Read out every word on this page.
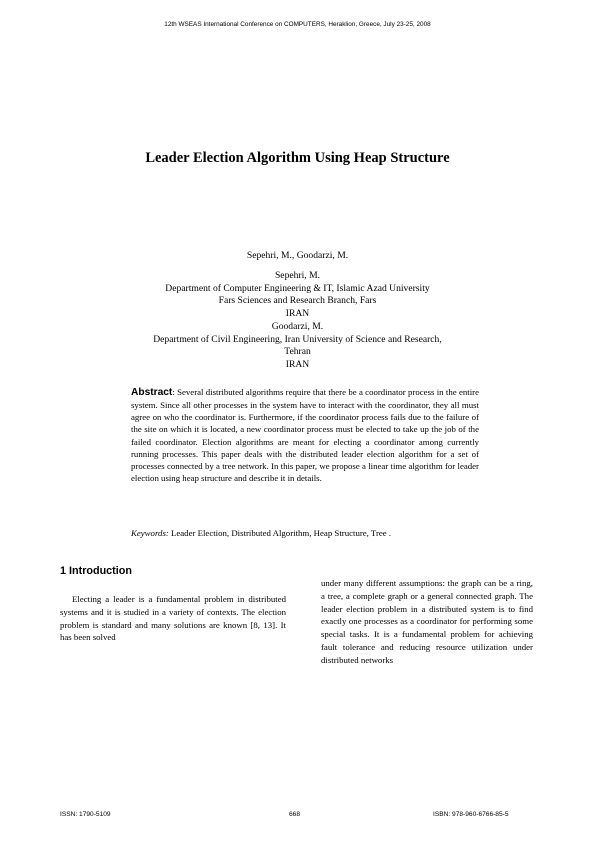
12th WSEAS International Conference on COMPUTERS, Heraklion, Greece, July 23-25, 2008
Leader Election Algorithm Using Heap Structure
Sepehri, M., Goodarzi, M.
Sepehri, M.
Department of Computer Engineering & IT, Islamic Azad University
Fars Sciences and Research Branch, Fars
IRAN
Goodarzi, M.
Department of Civil Engineering, Iran University of Science and Research,
Tehran
IRAN
Abstract: Several distributed algorithms require that there be a coordinator process in the entire system. Since all other processes in the system have to interact with the coordinator, they all must agree on who the coordinator is. Furthermore, if the coordinator process fails due to the failure of the site on which it is located, a new coordinator process must be elected to take up the job of the failed coordinator. Election algorithms are meant for electing a coordinator among currently running processes. This paper deals with the distributed leader election algorithm for a set of processes connected by a tree network. In this paper, we propose a linear time algorithm for leader election using heap structure and describe it in details.
Keywords: Leader Election, Distributed Algorithm, Heap Structure, Tree .
1 Introduction
Electing a leader is a fundamental problem in distributed systems and it is studied in a variety of contexts. The election problem is standard and many solutions are known [8, 13]. It has been solved
under many different assumptions: the graph can be a ring, a tree, a complete graph or a general connected graph. The leader election problem in a distributed system is to find exactly one processes as a coordinator for performing some special tasks. It is a fundamental problem for achieving fault tolerance and reducing resource utilization under distributed networks
ISSN: 1790-5109	668	ISBN: 978-960-6766-85-5
